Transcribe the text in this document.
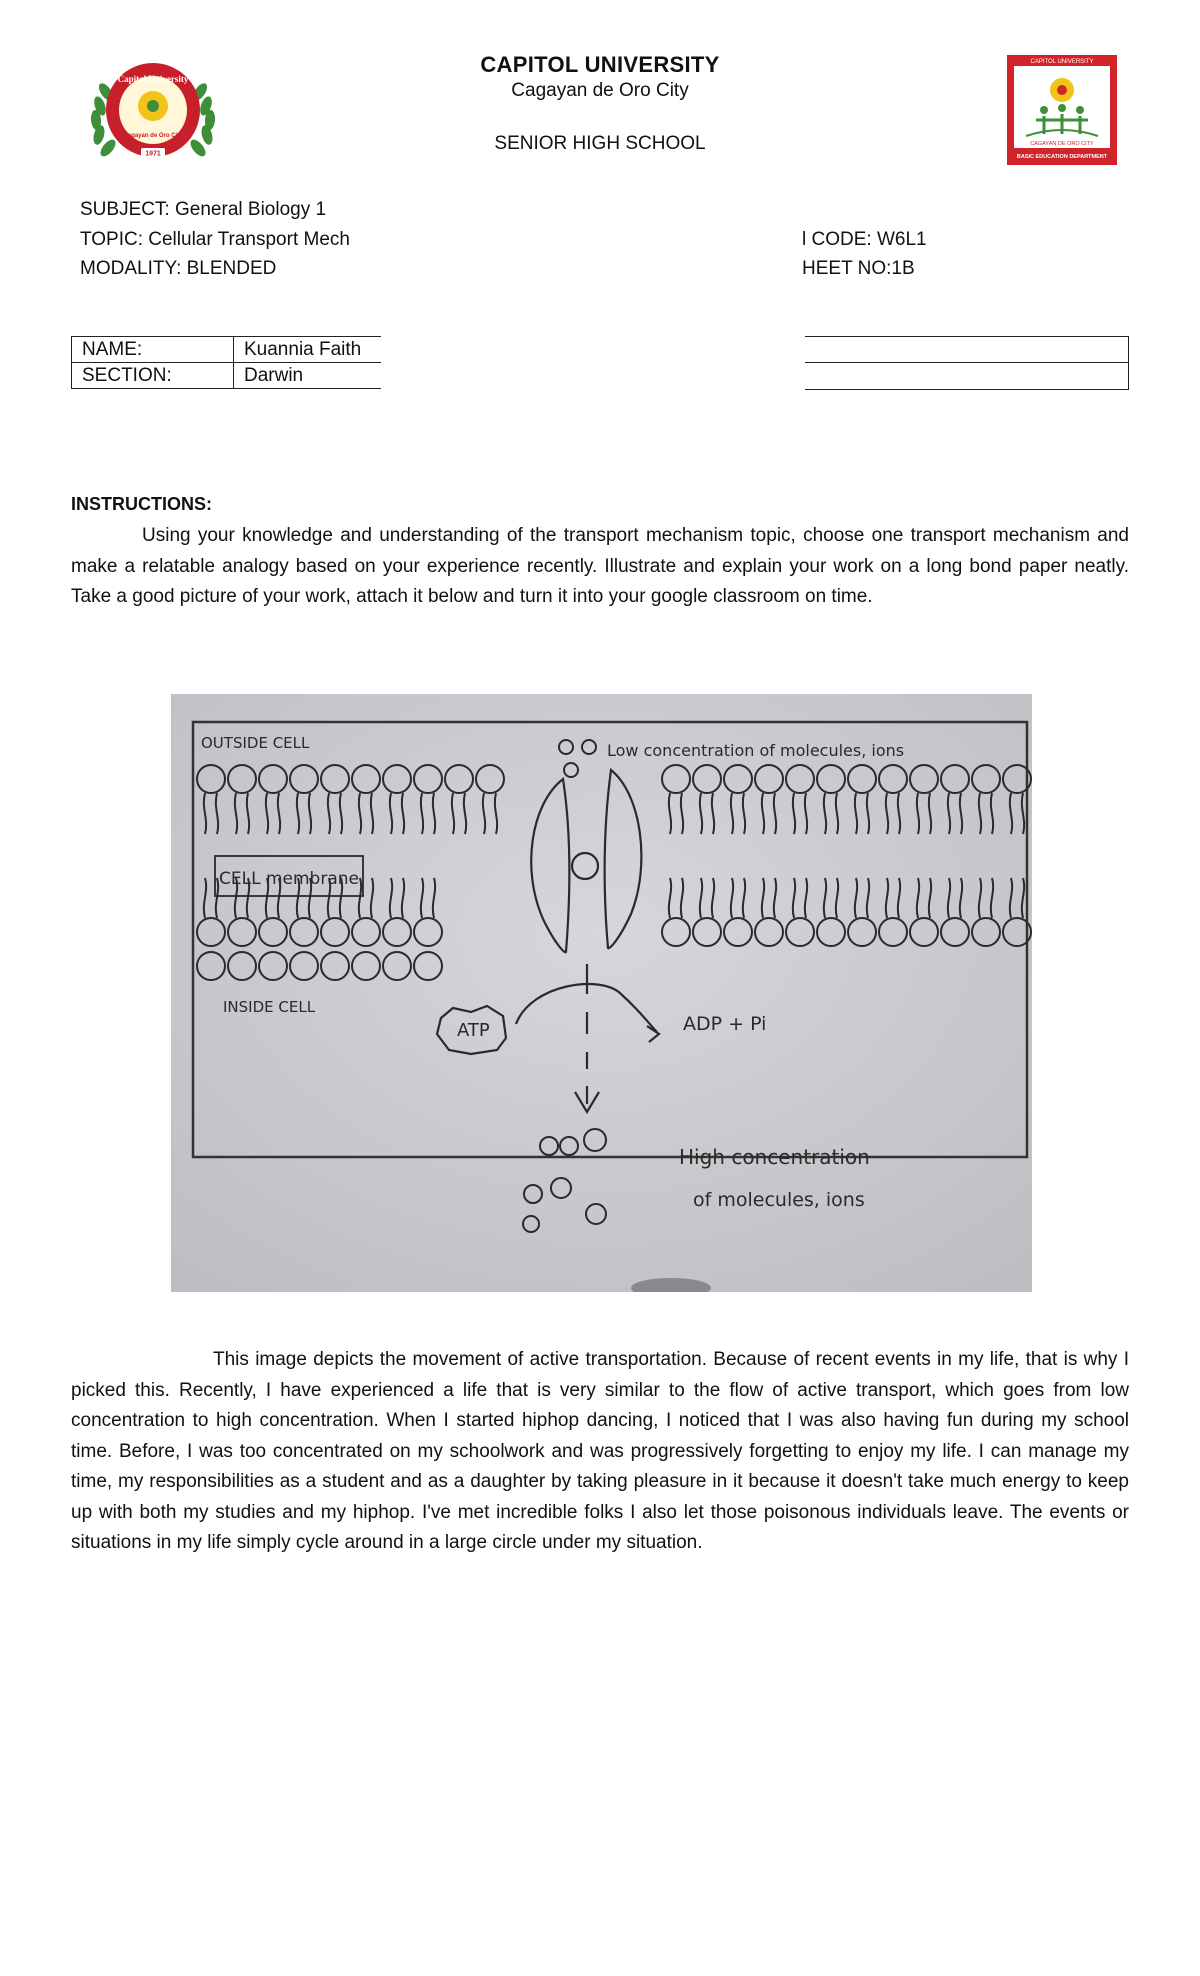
1971
Capitol University
Cagayan de Oro City
CAPITOL UNIVERSITY
CAGAYAN DE ORO CITY
BASIC EDUCATION DEPARTMENT
CAPITOL UNIVERSITY
Cagayan de Oro City
SENIOR HIGH SCHOOL
SUBJECT: General Biology 1
TOPIC: Cellular Transport Mech
MODALITY: BLENDED
l CODE: W6L1
HEET NO:1B
NAME:	Kuannia Faith
SECTION:	Darwin
INSTRUCTIONS:
Using your knowledge and understanding of the transport mechanism topic, choose one transport mechanism and make a relatable analogy based on your experience recently. Illustrate and explain your work on a long bond paper neatly. Take a good picture of your work, attach it below and turn it into your google classroom on time.
OUTSIDE CELL
CELL membrane
Low concentration of molecules, ions
INSIDE CELL
ATP	ADP + Pi
High concentration
of molecules, ions
This image depicts the movement of active transportation. Because of recent events in my life, that is why I picked this. Recently, I have experienced a life that is very similar to the flow of active transport, which goes from low concentration to high concentration. When I started hiphop dancing, I noticed that I was also having fun during my school time. Before, I was too concentrated on my schoolwork and was progressively forgetting to enjoy my life. I can manage my time, my responsibilities as a student and as a daughter by taking pleasure in it because it doesn't take much energy to keep up with both my studies and my hiphop. I've met incredible folks I also let those poisonous individuals leave. The events or situations in my life simply cycle around in a large circle under my situation.
